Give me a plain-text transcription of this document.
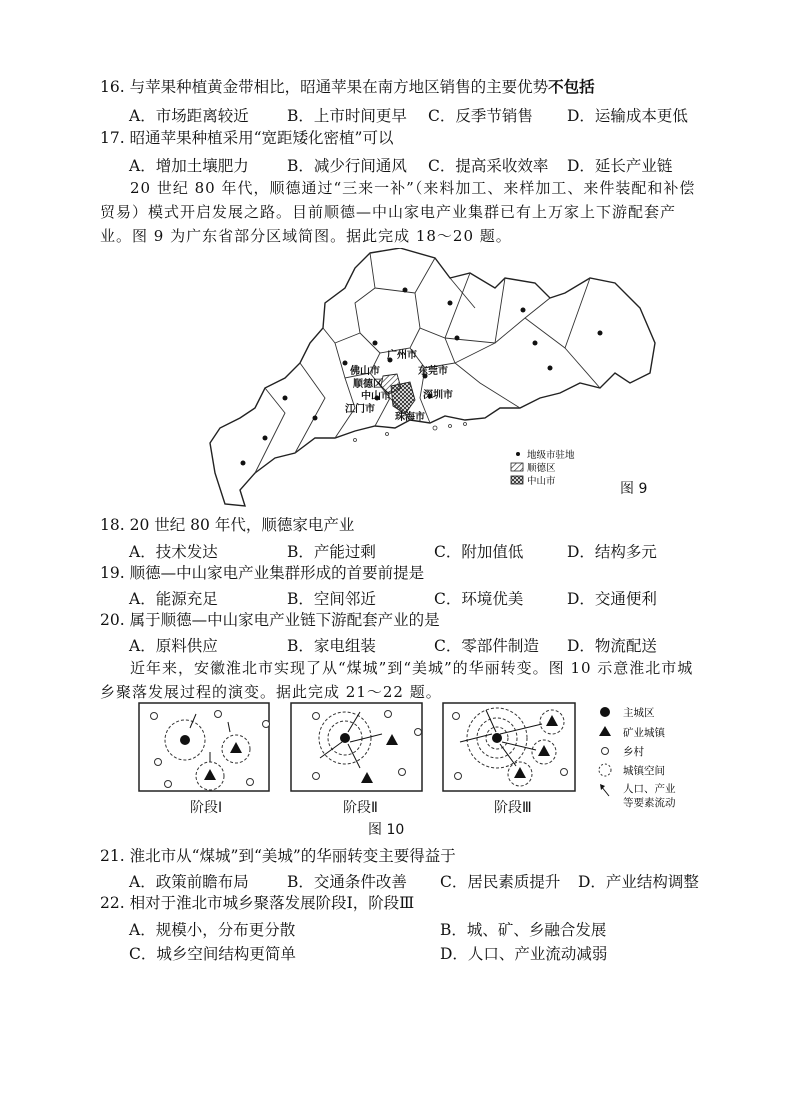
16. 与苹果种植黄金带相比，昭通苹果在南方地区销售的主要优势不包括
A．市场距离较近 B．上市时间更早 C．反季节销售 D．运输成本更低
17. 昭通苹果种植采用“宽距矮化密植”可以
A．增加土壤肥力 B．减少行间通风 C．提高采收效率 D．延长产业链
20 世纪 80 年代，顺德通过“三来一补”（来料加工、来样加工、来件装配和补偿贸易）模式开启发展之路。目前顺德—中山家电产业集群已有上万家上下游配套产业。图 9 为广东省部分区域简图。据此完成 18～20 题。
广州市
佛山市
顺德区
东莞市
中山市
江门市
深圳市
珠海市
地级市驻地
顺德区
中山市	图 9
18. 20 世纪 80 年代，顺德家电产业
A．技术发达	B．产能过剩	C．附加值低	D．结构多元
19. 顺德—中山家电产业集群形成的首要前提是
A．能源充足	B．空间邻近	C．环境优美	D．交通便利
20. 属于顺德—中山家电产业链下游配套产业的是
A．原料供应	B．家电组装	C．零部件制造 D．物流配送
近年来，安徽淮北市实现了从“煤城”到“美城”的华丽转变。图 10 示意淮北市城乡聚落发展过程的演变。据此完成 21～22 题。
阶段Ⅰ	阶段Ⅱ	阶段Ⅲ
主城区
矿业城镇
乡村
城镇空间
人口、产业
等要素流动
图 10
21. 淮北市从“煤城”到“美城”的华丽转变主要得益于
A．政策前瞻布局 B．交通条件改善 C．居民素质提升 D．产业结构调整
22. 相对于淮北市城乡聚落发展阶段Ⅰ，阶段Ⅲ
A．规模小，分布更分散	B．城、矿、乡融合发展
C．城乡空间结构更简单	D．人口、产业流动减弱
